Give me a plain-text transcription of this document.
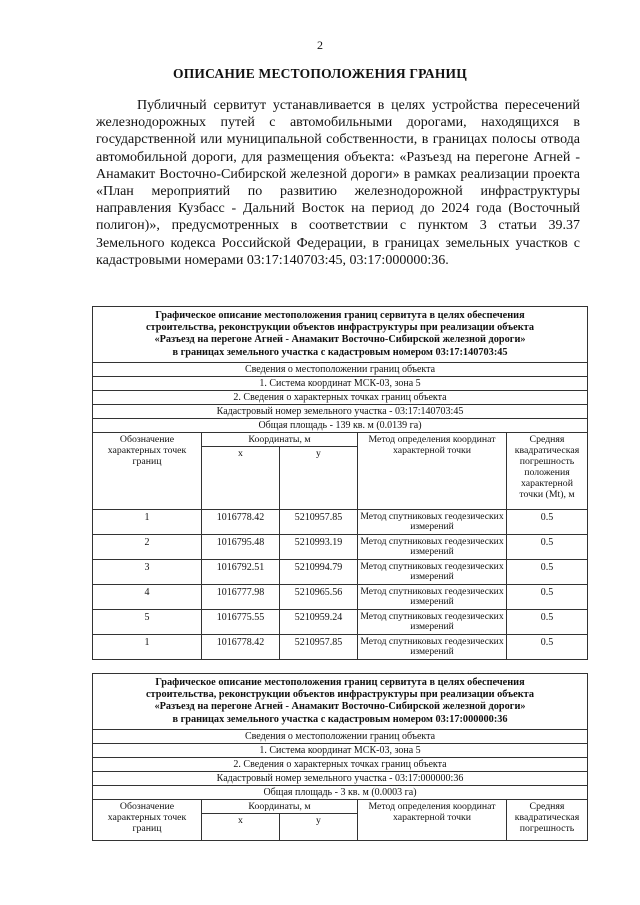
2
ОПИСАНИЕ МЕСТОПОЛОЖЕНИЯ ГРАНИЦ

Публичный сервитут устанавливается в целях устройства пересечений железнодорожных путей с автомобильными дорогами, находящихся в государственной или муниципальной собственности, в границах полосы отвода автомобильной дороги, для размещения объекта: «Разъезд на перегоне Агней - Анамакит Восточно-Сибирской железной дороги» в рамках реализации проекта «План мероприятий по развитию железнодорожной инфраструктуры направления Кузбасс - Дальний Восток на период до 2024 года (Восточный полигон)», предусмотренных в соответствии с пунктом 3 статьи 39.37 Земельного кодекса Российской Федерации, в границах земельных участков с кадастровыми номерами 03:17:140703:45, 03:17:000000:36.

Графическое описание местоположения границ сервитута в целях обеспечения
строительства, реконструкции объектов инфраструктуры при реализации объекта
«Разъезд на перегоне Агней - Анамакит Восточно-Сибирской железной дороги»
в границах земельного участка с кадастровым номером 03:17:140703:45				

Сведения о местоположении границ объекта				
1. Система координат МСК-03, зона 5				
2. Сведения о характерных точках границ объекта				
Кадастровый номер земельного участка - 03:17:140703:45				
Общая площадь - 139 кв. м (0.0139 га)				
Обозначение характерных точек границ	Координаты, м		Метод определения координат характерной точки	Средняя квадратическая погрешность положения характерной точки (Mt), м
	x	у		
1	1016778.42	5210957.85	Метод спутниковых геодезических измерений	0.5
2	1016795.48	5210993.19	Метод спутниковых геодезических измерений	0.5
3	1016792.51	5210994.79	Метод спутниковых геодезических измерений	0.5
4	1016777.98	5210965.56	Метод спутниковых геодезических измерений	0.5
5	1016775.55	5210959.24	Метод спутниковых геодезических измерений	0.5
1	1016778.42	5210957.85	Метод спутниковых геодезических измерений	0.5
Графическое описание местоположения границ сервитута в целях обеспечения
строительства, реконструкции объектов инфраструктуры при реализации объекта
«Разъезд на перегоне Агней - Анамакит Восточно-Сибирской железной дороги»
в границах земельного участка с кадастровым номером 03:17:000000:36				

Сведения о местоположении границ объекта				
1. Система координат МСК-03, зона 5				
2. Сведения о характерных точках границ объекта				
Кадастровый номер земельного участка - 03:17:000000:36				
Общая площадь - 3 кв. м (0.0003 га)				
Обозначение характерных точек границ	Координаты, м		Метод определения координат характерной точки	Средняя квадратическая погрешность
	x	у		
